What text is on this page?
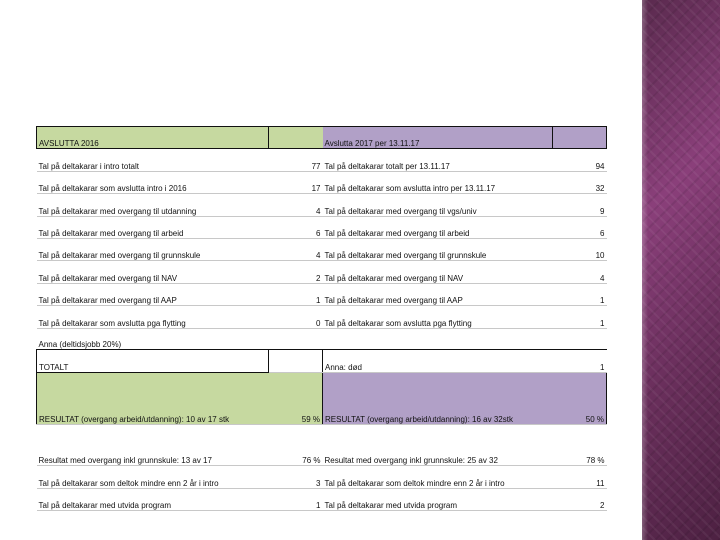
AVSLUTTA 2016		Avslutta 2017 per 13.11.17	
Tal på deltakarar i intro totalt	77	Tal på deltakarar totalt per 13.11.17	94
Tal på deltakarar som avslutta intro i 2016	17	Tal på deltakarar som avslutta intro per 13.11.17	32
Tal på deltakarar med overgang til utdanning	4	Tal på deltakarar med overgang til vgs/univ	9
Tal på deltakarar med overgang til arbeid	6	Tal på deltakarar med overgang til arbeid	6
Tal på deltakarar med overgang til grunnskule	4	Tal på deltakarar med overgang til grunnskule	10
Tal på deltakarar med overgang til NAV	2	Tal på deltakarar med overgang til NAV	4
Tal på deltakarar med overgang til AAP	1	Tal på deltakarar med overgang til AAP	1
Tal på deltakarar som avslutta pga flytting	0	Tal på deltakarar som avslutta pga flytting	1
Anna (deltidsjobb 20%)			
TOTALT		Anna: død	1
RESULTAT (overgang arbeid/utdanning): 10 av 17 stk	59 %	RESULTAT (overgang arbeid/utdanning): 16 av 32stk	50 %
Resultat med overgang inkl grunnskule: 13 av 17	76 %	Resultat med overgang inkl grunnskule: 25 av 32	78 %
Tal på deltakarar som deltok mindre enn 2 år i intro	3	Tal på deltakarar som deltok mindre enn 2 år i intro	11
Tal på deltakarar med utvida program	1	Tal på deltakarar med utvida program	2
